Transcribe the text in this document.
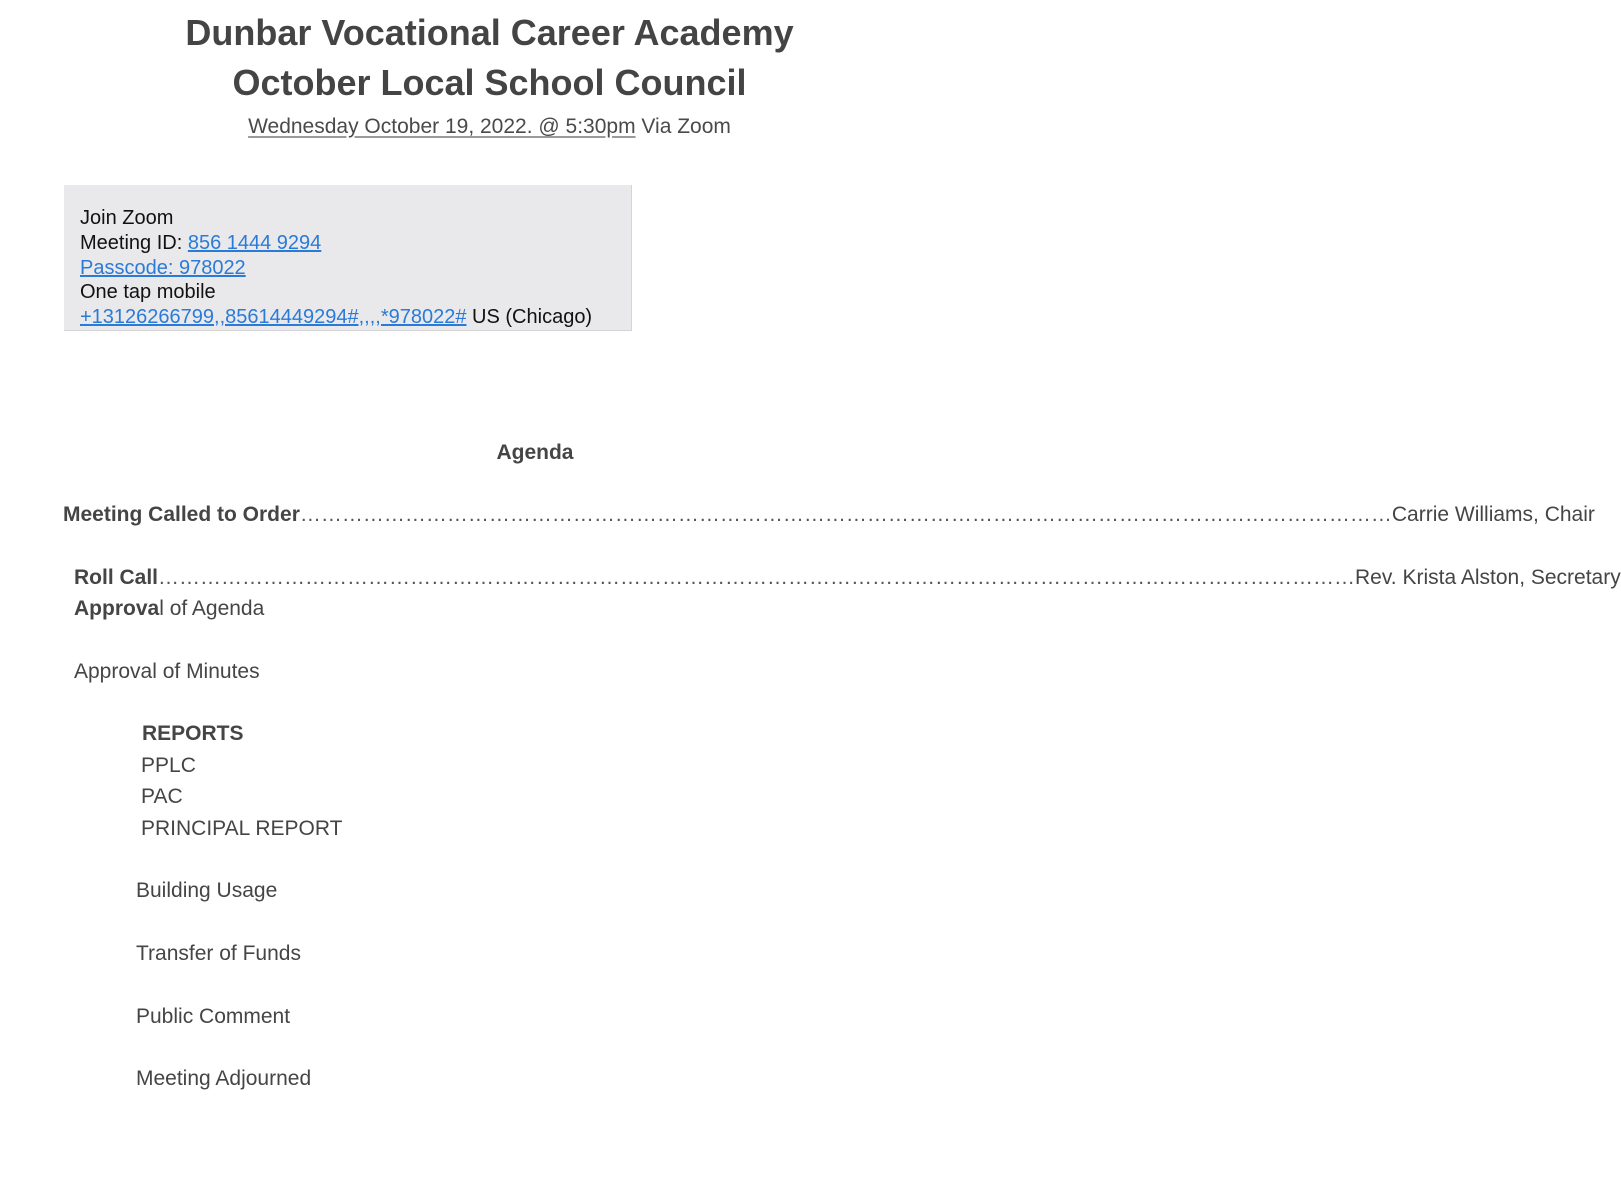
Dunbar Vocational Career Academy
October Local School Council
Wednesday October 19, 2022. @ 5:30pm Via Zoom
Join Zoom
Meeting ID: 856 1444 9294
Passcode: 978022
One tap mobile
+13126266799,,85614449294#,,,,*978022# US (Chicago)
Agenda
Meeting Called to Order ………………………………………………………………………………………………………………………………………… Carrie Williams, Chair
Roll Call ……………………………………………………………………………………………………………………………………………………… Rev. Krista Alston, Secretary
Approval of Agenda
Approval of Minutes
REPORTS
PPLC
PAC
PRINCIPAL REPORT
Building Usage
Transfer of Funds
Public Comment
Meeting Adjourned
